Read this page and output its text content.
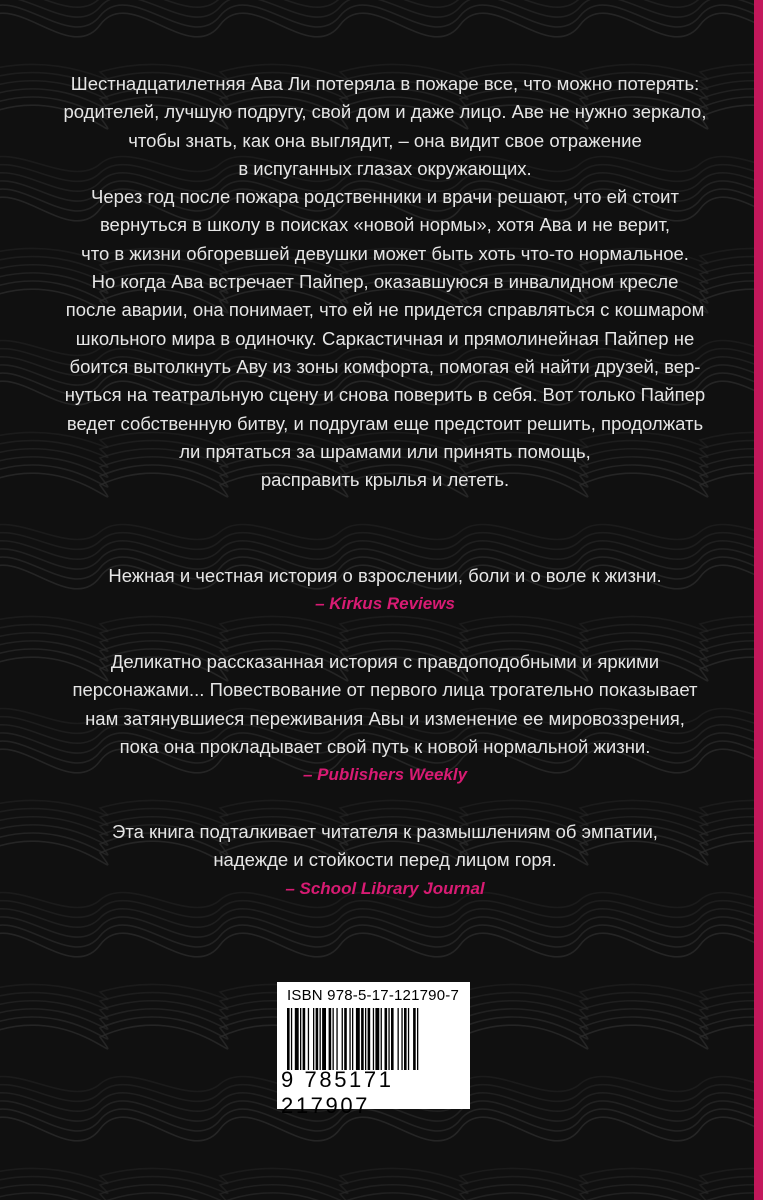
Шестнадцатилетняя Ава Ли потеряла в пожаре все, что можно потерять:

родителей, лучшую подругу, свой дом и даже лицо. Аве не нужно зеркало,

чтобы знать, как она выглядит, – она видит свое отражение

в испуганных глазах окружающих.

Через год после пожара родственники и врачи решают, что ей стоит

вернуться в школу в поисках «новой нормы», хотя Ава и не верит,

что в жизни обгоревшей девушки может быть хоть что-то нормальное.

Но когда Ава встречает Пайпер, оказавшуюся в инвалидном кресле

после аварии, она понимает, что ей не придется справляться с кошмаром

школьного мира в одиночку. Саркастичная и прямолинейная Пайпер не

боится вытолкнуть Аву из зоны комфорта, помогая ей найти друзей, вер-

нуться на театральную сцену и снова поверить в себя. Вот только Пайпер

ведет собственную битву, и подругам еще предстоит решить, продолжать

ли прятаться за шрамами или принять помощь,

расправить крылья и лететь.

Нежная и честная история о взрослении, боли и о воле к жизни.

– Kirkus Reviews

Деликатно рассказанная история с правдоподобными и яркими

персонажами... Повествование от первого лица трогательно показывает

нам затянувшиеся переживания Авы и изменение ее мировоззрения,

пока она прокладывает свой путь к новой нормальной жизни.

– Publishers Weekly

Эта книга подталкивает читателя к размышлениям об эмпатии,

надежде и стойкости перед лицом горя.

– School Library Journal

ISBN 978-5-17-121790-7
9 785171 217907
